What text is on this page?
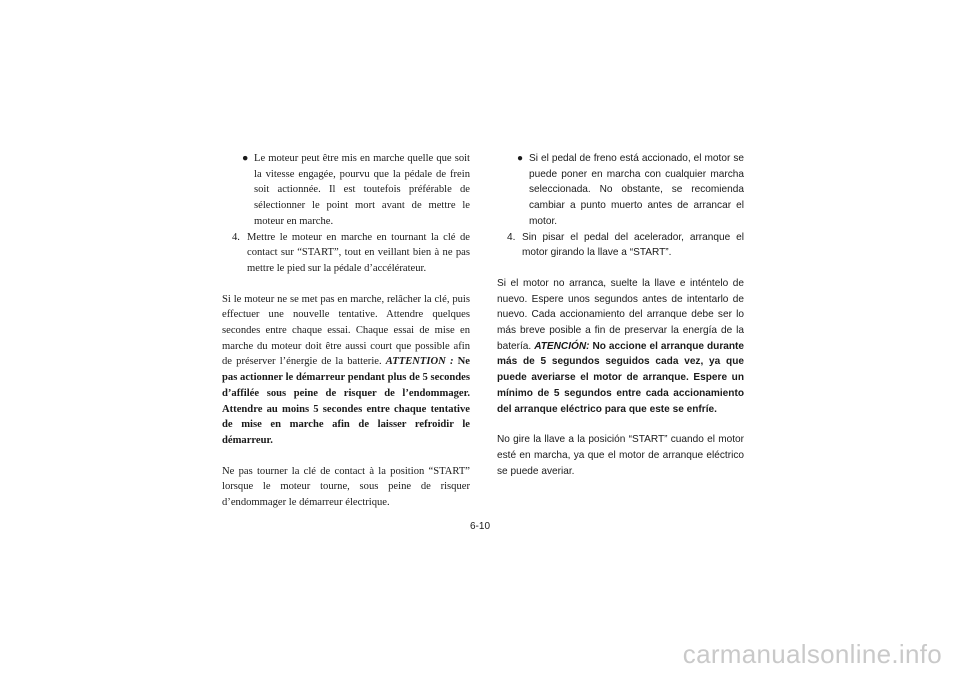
● Le moteur peut être mis en marche quelle que soit la vitesse engagée, pourvu que la pédale de frein soit actionnée. Il est toutefois préférable de sélectionner le point mort avant de mettre le moteur en marche.

4. Mettre le moteur en marche en tournant la clé de contact sur “START”, tout en veillant bien à ne pas mettre le pied sur la pédale d’accélérateur.

Si le moteur ne se met pas en marche, relâcher la clé, puis effectuer une nouvelle tentative. Attendre quelques secondes entre chaque essai. Chaque essai de mise en marche du moteur doit être aussi court que possible afin de préserver l’énergie de la batterie. ATTENTION : Ne pas actionner le démarreur pendant plus de 5 secondes d’affilée sous peine de risquer de l’endommager. Attendre au moins 5 secondes entre chaque tentative de mise en marche afin de laisser refroidir le démarreur.

Ne pas tourner la clé de contact à la position “START” lorsque le moteur tourne, sous peine de risquer d’endommager le démarreur électrique.

● Si el pedal de freno está accionado, el motor se puede poner en marcha con cualquier marcha seleccionada. No obstante, se recomienda cambiar a punto muerto antes de arrancar el motor.

4. Sin pisar el pedal del acelerador, arranque el motor girando la llave a “START”.

Si el motor no arranca, suelte la llave e inténtelo de nuevo. Espere unos segundos antes de intentarlo de nuevo. Cada accionamiento del arranque debe ser lo más breve posible a fin de preservar la energía de la batería. ATENCIÓN: No accione el arranque durante más de 5 segundos seguidos cada vez, ya que puede averiarse el motor de arranque. Espere un mínimo de 5 segundos entre cada accionamiento del arranque eléctrico para que este se enfríe.

No gire la llave a la posición “START” cuando el motor esté en marcha, ya que el motor de arranque eléctrico se puede averiar.

6-10
carmanualsonline.info
